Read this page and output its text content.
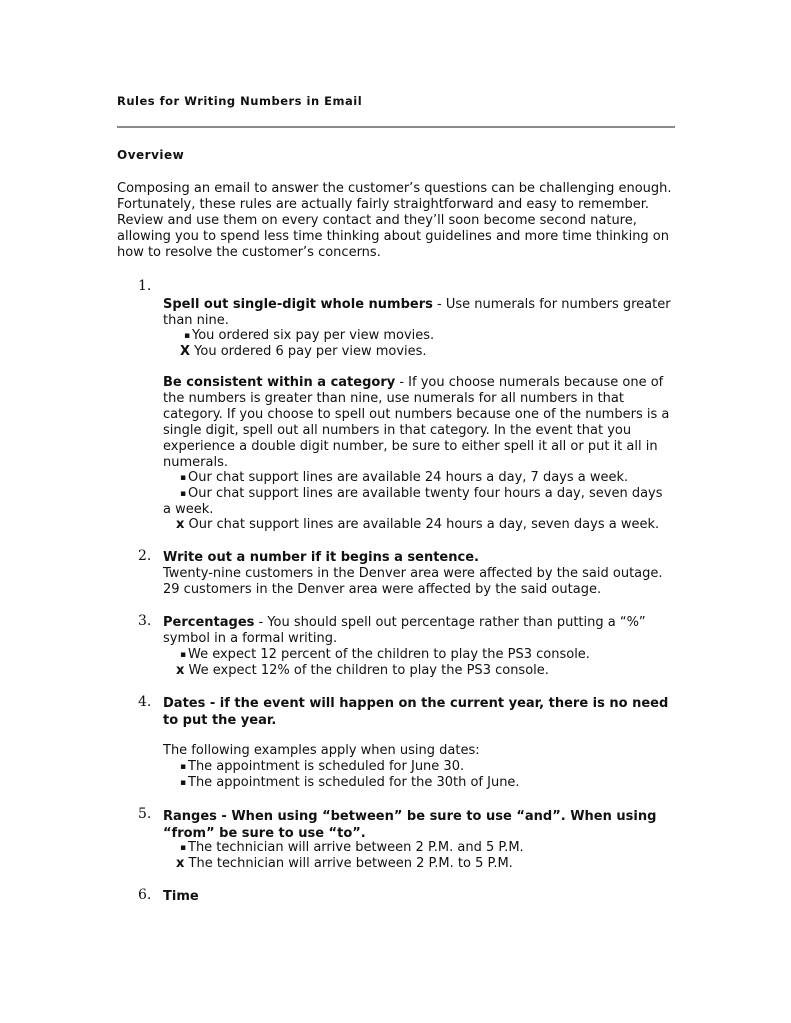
Rules for Writing Numbers in Email
Overview
Composing an email to answer the customer’s questions can be challenging enough. Fortunately, these rules are actually fairly straightforward and easy to remember. Review and use them on every contact and they’ll soon become second nature, allowing you to spend less time thinking about guidelines and more time thinking on how to resolve the customer’s concerns.
1.
Spell out single-digit whole numbers - Use numerals for numbers greater than nine.
▪ You ordered six pay per view movies.
X You ordered 6 pay per view movies.
Be consistent within a category - If you choose numerals because one of the numbers is greater than nine, use numerals for all numbers in that category. If you choose to spell out numbers because one of the numbers is a single digit, spell out all numbers in that category. In the event that you experience a double digit number, be sure to either spell it all or put it all in numerals.
▪ Our chat support lines are available 24 hours a day, 7 days a week.
▪ Our chat support lines are available twenty four hours a day, seven days
a week.
x Our chat support lines are available 24 hours a day, seven days a week.
2. Write out a number if it begins a sentence.
Twenty-nine customers in the Denver area were affected by the said outage.
29 customers in the Denver area were affected by the said outage.
3. Percentages - You should spell out percentage rather than putting a “%” symbol in a formal writing.
▪ We expect 12 percent of the children to play the PS3 console.
x We expect 12% of the children to play the PS3 console.
4. Dates - if the event will happen on the current year, there is no need to put the year.
The following examples apply when using dates:
▪ The appointment is scheduled for June 30.
▪ The appointment is scheduled for the 30th of June.
5. Ranges - When using “between” be sure to use “and”. When using “from” be sure to use “to”.
▪ The technician will arrive between 2 P.M. and 5 P.M.
x The technician will arrive between 2 P.M. to 5 P.M.
6. Time
